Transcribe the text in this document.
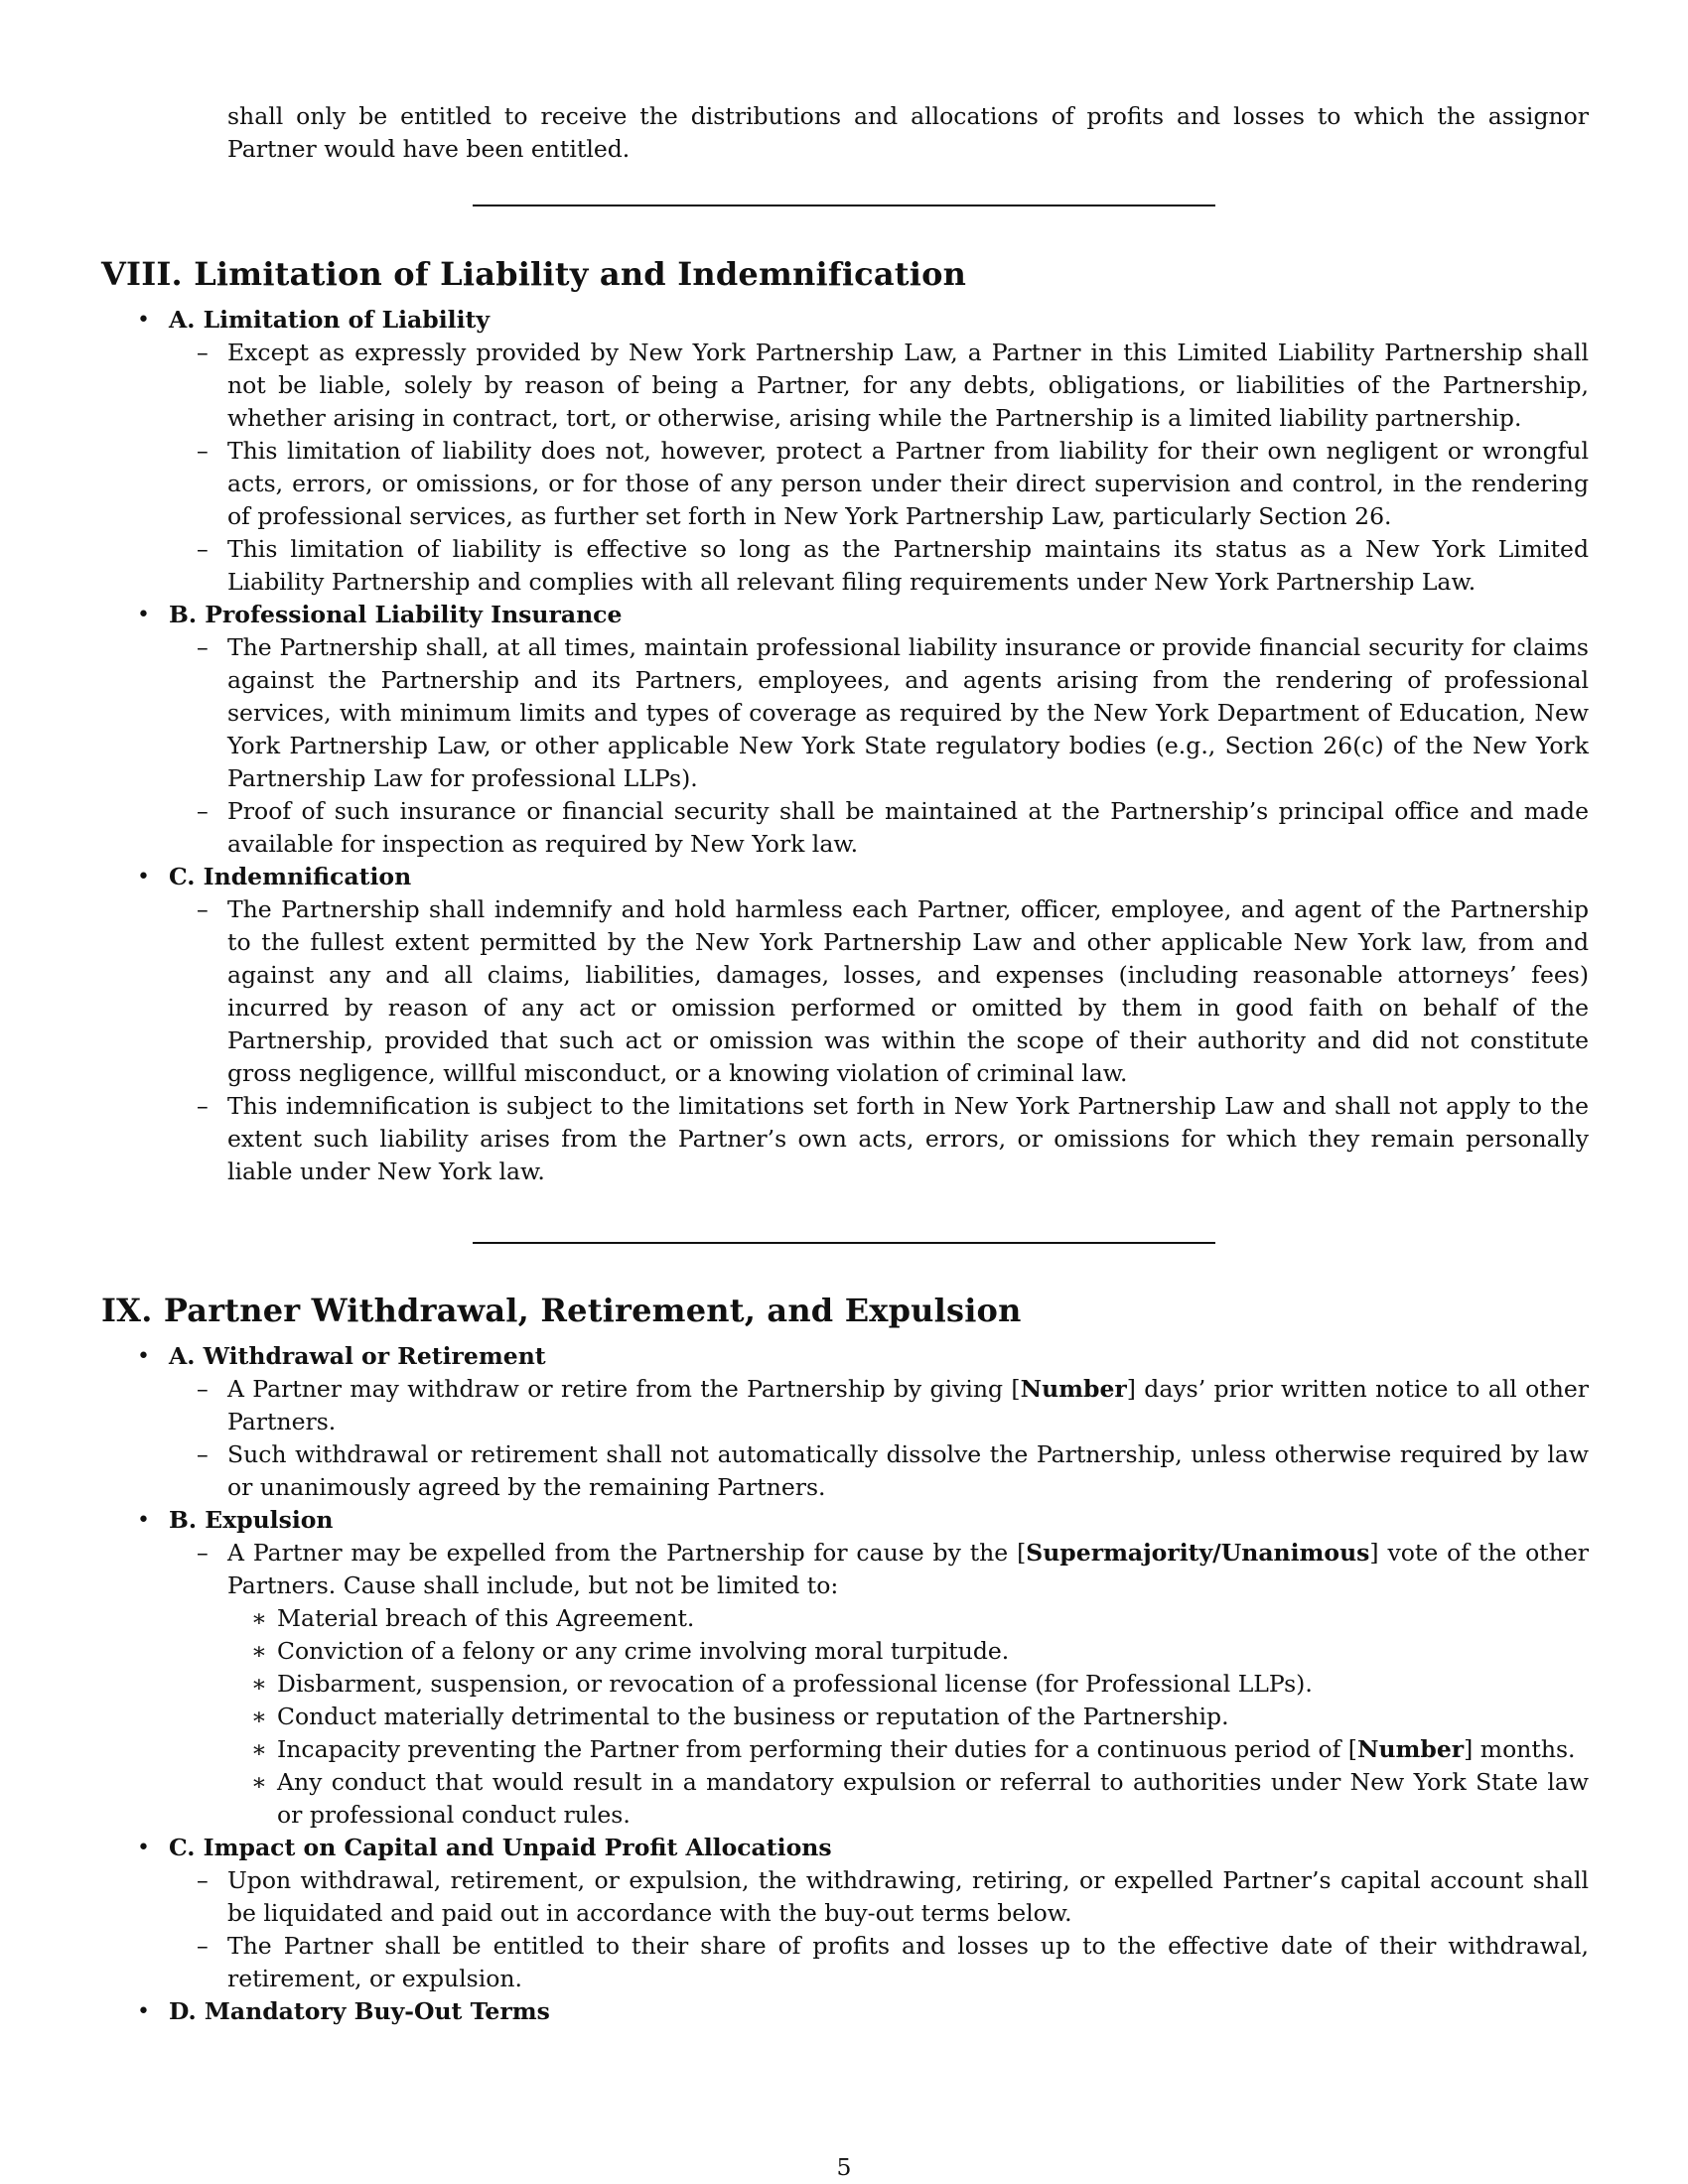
shall only be entitled to receive the distributions and allocations of profits and losses to which the assignor Partner would have been entitled.

VIII. Limitation of Liability and Indemnification
• A. Limitation of Liability
– Except as expressly provided by New York Partnership Law, a Partner in this Limited Liability Partnership shall not be liable, solely by reason of being a Partner, for any debts, obligations, or liabilities of the Partnership, whether arising in contract, tort, or otherwise, arising while the Partnership is a limited liability partnership.
– This limitation of liability does not, however, protect a Partner from liability for their own negligent or wrongful acts, errors, or omissions, or for those of any person under their direct supervision and control, in the rendering of professional services, as further set forth in New York Partnership Law, particularly Section 26.
– This limitation of liability is effective so long as the Partnership maintains its status as a New York Limited Liability Partnership and complies with all relevant filing requirements under New York Partnership Law.
• B. Professional Liability Insurance
– The Partnership shall, at all times, maintain professional liability insurance or provide financial security for claims against the Partnership and its Partners, employees, and agents arising from the rendering of professional services, with minimum limits and types of coverage as required by the New York Department of Education, New York Partnership Law, or other applicable New York State regulatory bodies (e.g., Section 26(c) of the New York Partnership Law for professional LLPs).
– Proof of such insurance or financial security shall be maintained at the Partnership’s principal office and made available for inspection as required by New York law.
• C. Indemnification
– The Partnership shall indemnify and hold harmless each Partner, officer, employee, and agent of the Partnership to the fullest extent permitted by the New York Partnership Law and other applicable New York law, from and against any and all claims, liabilities, damages, losses, and expenses (including reasonable attorneys’ fees) incurred by reason of any act or omission performed or omitted by them in good faith on behalf of the Partnership, provided that such act or omission was within the scope of their authority and did not constitute gross negligence, willful misconduct, or a knowing violation of criminal law.
– This indemnification is subject to the limitations set forth in New York Partnership Law and shall not apply to the extent such liability arises from the Partner’s own acts, errors, or omissions for which they remain personally liable under New York law.
IX. Partner Withdrawal, Retirement, and Expulsion
• A. Withdrawal or Retirement
– A Partner may withdraw or retire from the Partnership by giving [Number] days’ prior written notice to all other Partners.
– Such withdrawal or retirement shall not automatically dissolve the Partnership, unless otherwise required by law or unanimously agreed by the remaining Partners.
• B. Expulsion
– A Partner may be expelled from the Partnership for cause by the [Supermajority/Unanimous] vote of the other Partners. Cause shall include, but not be limited to:
∗ Material breach of this Agreement.
∗ Conviction of a felony or any crime involving moral turpitude.
∗ Disbarment, suspension, or revocation of a professional license (for Professional LLPs).
∗ Conduct materially detrimental to the business or reputation of the Partnership.
∗ Incapacity preventing the Partner from performing their duties for a continuous period of [Number] months.
∗ Any conduct that would result in a mandatory expulsion or referral to authorities under New York State law or professional conduct rules.
• C. Impact on Capital and Unpaid Profit Allocations
– Upon withdrawal, retirement, or expulsion, the withdrawing, retiring, or expelled Partner’s capital account shall be liquidated and paid out in accordance with the buy-out terms below.
– The Partner shall be entitled to their share of profits and losses up to the effective date of their withdrawal, retirement, or expulsion.
• D. Mandatory Buy-Out Terms
5
